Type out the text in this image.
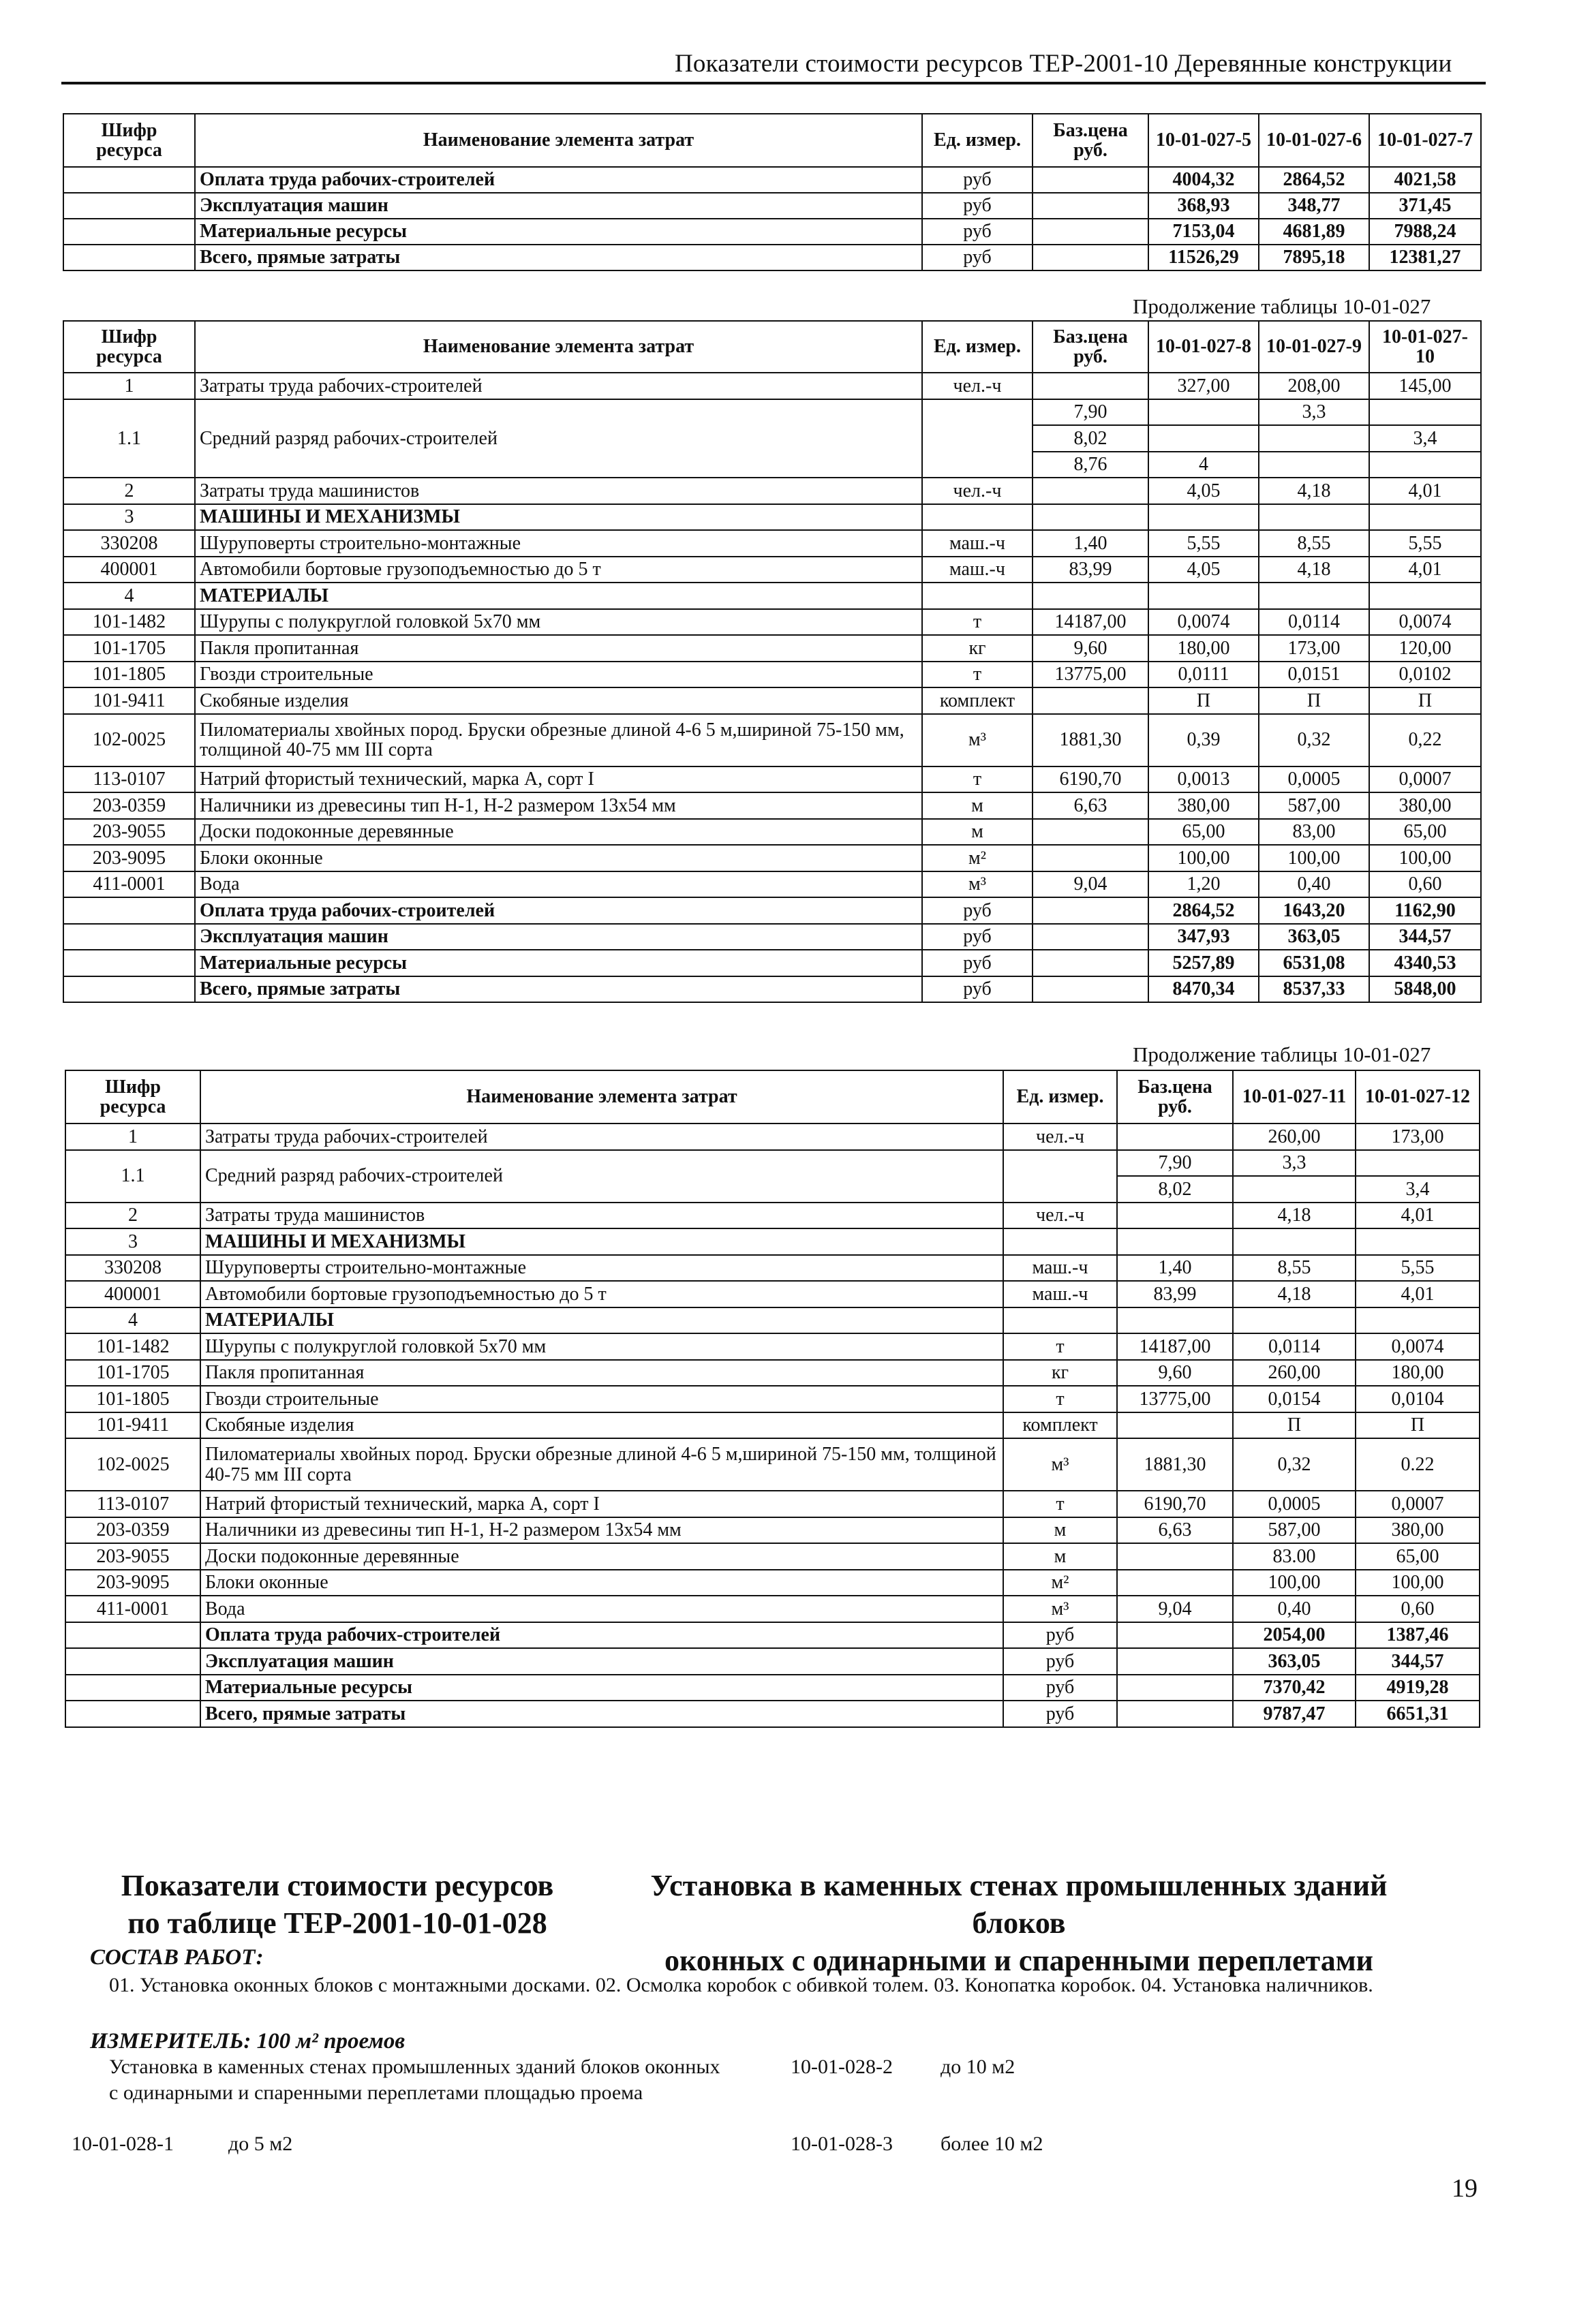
Показатели стоимости ресурсов ТЕР-2001-10 Деревянные конструкции
Шифр ресурса	Наименование элемента затрат	Ед. измер.	Баз.цена руб.	10-01-027-5	10-01-027-6	10-01-027-7
	Оплата труда рабочих-строителей	руб		4004,32	2864,52	4021,58
	Эксплуатация машин	руб		368,93	348,77	371,45
	Материальные ресурсы	руб		7153,04	4681,89	7988,24
	Всего, прямые затраты	руб		11526,29	7895,18	12381,27
Продолжение таблицы 10-01-027
Шифр ресурса	Наименование элемента затрат	Ед. измер.	Баз.цена руб.	10-01-027-8	10-01-027-9	10-01-027-10
1	Затраты труда рабочих-строителей	чел.-ч		327,00	208,00	145,00
1.1	Средний разряд рабочих-строителей		7,90		3,3	
			8,02			3,4
			8,76	4		
2	Затраты труда машинистов	чел.-ч		4,05	4,18	4,01
3	МАШИНЫ И МЕХАНИЗМЫ					
330208	Шуруповерты строительно-монтажные	маш.-ч	1,40	5,55	8,55	5,55
400001	Автомобили бортовые грузоподъемностью до 5 т	маш.-ч	83,99	4,05	4,18	4,01
4	МАТЕРИАЛЫ					
101-1482	Шурупы с полукруглой головкой 5х70 мм	т	14187,00	0,0074	0,0114	0,0074
101-1705	Пакля пропитанная	кг	9,60	180,00	173,00	120,00
101-1805	Гвозди строительные	т	13775,00	0,0111	0,0151	0,0102
101-9411	Скобяные изделия	комплект		П	П	П
102-0025	Пиломатериалы хвойных пород. Бруски обрезные длиной 4-6 5 м,шириной 75-150 мм, толщиной 40-75 мм III сорта	м³	1881,30	0,39	0,32	0,22
113-0107	Натрий фтористый технический, марка А, сорт I	т	6190,70	0,0013	0,0005	0,0007
203-0359	Наличники из древесины тип Н-1, Н-2 размером 13х54 мм	м	6,63	380,00	587,00	380,00
203-9055	Доски подоконные деревянные	м		65,00	83,00	65,00
203-9095	Блоки оконные	м²		100,00	100,00	100,00
411-0001	Вода	м³	9,04	1,20	0,40	0,60
	Оплата труда рабочих-строителей	руб		2864,52	1643,20	1162,90
	Эксплуатация машин	руб		347,93	363,05	344,57
	Материальные ресурсы	руб		5257,89	6531,08	4340,53
	Всего, прямые затраты	руб		8470,34	8537,33	5848,00
Продолжение таблицы 10-01-027
Шифр ресурса	Наименование элемента затрат	Ед. измер.	Баз.цена руб.	10-01-027-11	10-01-027-12
1	Затраты труда рабочих-строителей	чел.-ч		260,00	173,00
1.1	Средний разряд рабочих-строителей		7,90	3,3	
			8,02		3,4
2	Затраты труда машинистов	чел.-ч		4,18	4,01
3	МАШИНЫ И МЕХАНИЗМЫ				
330208	Шуруповерты строительно-монтажные	маш.-ч	1,40	8,55	5,55
400001	Автомобили бортовые грузоподъемностью до 5 т	маш.-ч	83,99	4,18	4,01
4	МАТЕРИАЛЫ				
101-1482	Шурупы с полукруглой головкой 5х70 мм	т	14187,00	0,0114	0,0074
101-1705	Пакля пропитанная	кг	9,60	260,00	180,00
101-1805	Гвозди строительные	т	13775,00	0,0154	0,0104
101-9411	Скобяные изделия	комплект		П	П
102-0025	Пиломатериалы хвойных пород. Бруски обрезные длиной 4-6 5 м,шириной 75-150 мм, толщиной 40-75 мм III сорта	м³	1881,30	0,32	0.22
113-0107	Натрий фтористый технический, марка А, сорт I	т	6190,70	0,0005	0,0007
203-0359	Наличники из древесины тип Н-1, Н-2 размером 13х54 мм	м	6,63	587,00	380,00
203-9055	Доски подоконные деревянные	м		83.00	65,00
203-9095	Блоки оконные	м²		100,00	100,00
411-0001	Вода	м³	9,04	0,40	0,60
	Оплата труда рабочих-строителей	руб		2054,00	1387,46
	Эксплуатация машин	руб		363,05	344,57
	Материальные ресурсы	руб		7370,42	4919,28
	Всего, прямые затраты	руб		9787,47	6651,31
Показатели стоимости ресурсов
по таблице ТЕР-2001-10-01-028
Установка в каменных стенах промышленных зданий блоков
оконных с одинарными и спаренными переплетами
СОСТАВ РАБОТ:
01. Установка оконных блоков с монтажными досками. 02. Осмолка коробок с обивкой толем. 03. Конопатка коробок. 04. Установка наличников.
ИЗМЕРИТЕЛЬ: 100 м² проемов
Установка в каменных стенах промышленных зданий блоков оконных с одинарными и спаренными переплетами площадью проема
10-01-028-1	до 5 м2
10-01-028-2 до 10 м2
10-01-028-3 более 10 м2
19
